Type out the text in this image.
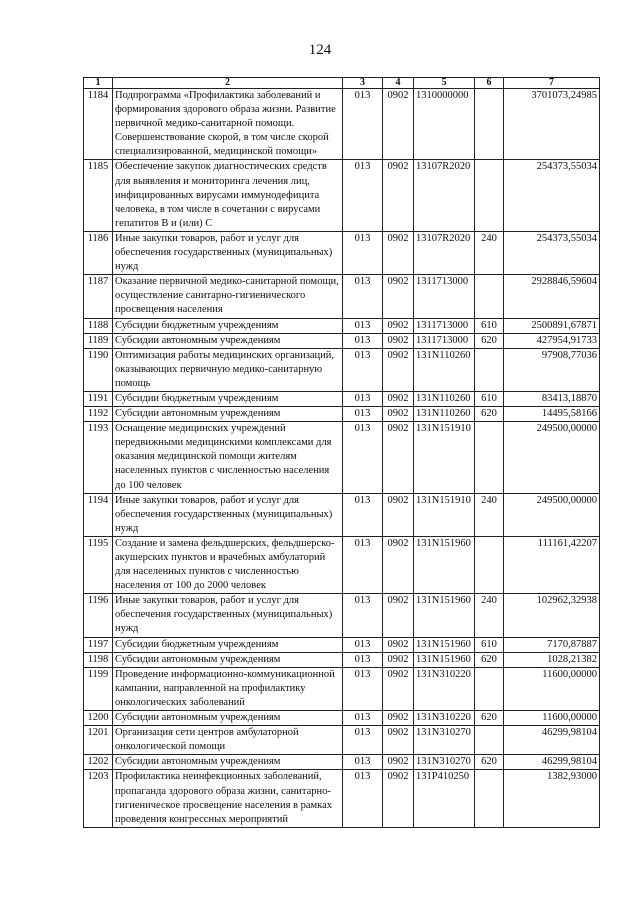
124
1	2	3	4	5	6	7
1184	Подпрограмма «Профилактика заболеваний и формирования здорового образа жизни. Развитие первичной медико-санитарной помощи. Совершенствование скорой, в том числе скорой специализированной, медицинской помощи»	013	0902	1310000000		3701073,24985
1185	Обеспечение закупок диагностических средств для выявления и мониторинга лечения лиц, инфицированных вирусами иммунодефицита человека, в том числе в сочетании с вирусами гепатитов В и (или) С	013	0902	13107R2020		254373,55034
1186	Иные закупки товаров, работ и услуг для обеспечения государственных (муниципальных) нужд	013	0902	13107R2020	240	254373,55034
1187	Оказание первичной медико-санитарной помощи, осуществление санитарно-гигиенического просвещения населения	013	0902	1311713000		2928846,59604
1188	Субсидии бюджетным учреждениям	013	0902	1311713000	610	2500891,67871
1189	Субсидии автономным учреждениям	013	0902	1311713000	620	427954,91733
1190	Оптимизация работы медицинских организаций, оказывающих первичную медико-санитарную помощь	013	0902	131N110260		97908,77036
1191	Субсидии бюджетным учреждениям	013	0902	131N110260	610	83413,18870
1192	Субсидии автономным учреждениям	013	0902	131N110260	620	14495,58166
1193	Оснащение медицинских учреждений передвижными медицинскими комплексами для оказания медицинской помощи жителям населенных пунктов с численностью населения до 100 человек	013	0902	131N151910		249500,00000
1194	Иные закупки товаров, работ и услуг для обеспечения государственных (муниципальных) нужд	013	0902	131N151910	240	249500,00000
1195	Создание и замена фельдшерских, фельдшерско-акушерских пунктов и врачебных амбулаторий для населенных пунктов с численностью населения от 100 до 2000 человек	013	0902	131N151960		111161,42207
1196	Иные закупки товаров, работ и услуг для обеспечения государственных (муниципальных) нужд	013	0902	131N151960	240	102962,32938
1197	Субсидии бюджетным учреждениям	013	0902	131N151960	610	7170,87887
1198	Субсидии автономным учреждениям	013	0902	131N151960	620	1028,21382
1199	Проведение информационно-коммуникационной кампании, направленной на профилактику онкологических заболеваний	013	0902	131N310220		11600,00000
1200	Субсидии автономным учреждениям	013	0902	131N310220	620	11600,00000
1201	Организация сети центров амбулаторной онкологической помощи	013	0902	131N310270		46299,98104
1202	Субсидии автономным учреждениям	013	0902	131N310270	620	46299,98104
1203	Профилактика неинфекционных заболеваний, пропаганда здорового образа жизни, санитарно-гигиеническое просвещение населения в рамках проведения конгрессных мероприятий	013	0902	131P410250		1382,93000
